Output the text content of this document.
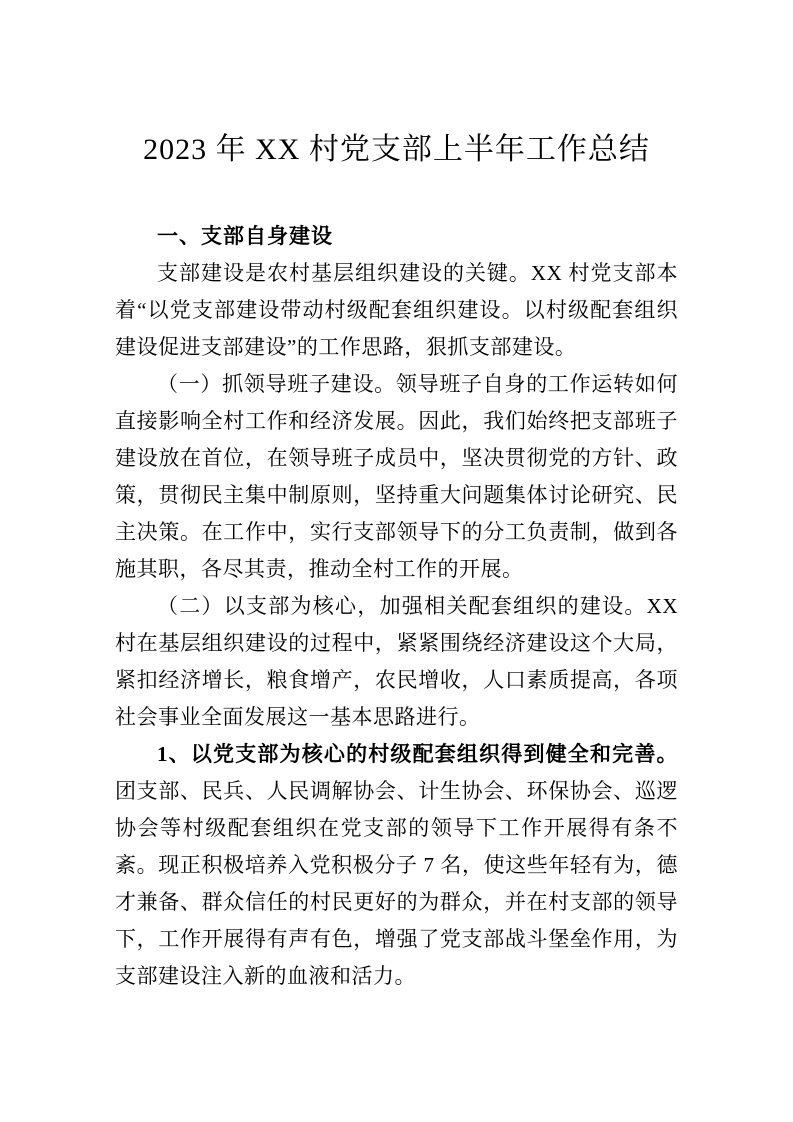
2023 年 XX 村党支部上半年工作总结
一、支部自身建设

支部建设是农村基层组织建设的关键。XX 村党支部本着“以党支部建设带动村级配套组织建设。以村级配套组织建设促进支部建设”的工作思路，狠抓支部建设。

（一）抓领导班子建设。领导班子自身的工作运转如何直接影响全村工作和经济发展。因此，我们始终把支部班子建设放在首位，在领导班子成员中，坚决贯彻党的方针、政策，贯彻民主集中制原则，坚持重大问题集体讨论研究、民主决策。在工作中，实行支部领导下的分工负责制，做到各施其职，各尽其责，推动全村工作的开展。

（二）以支部为核心，加强相关配套组织的建设。XX 村在基层组织建设的过程中，紧紧围绕经济建设这个大局，紧扣经济增长，粮食增产，农民增收，人口素质提高，各项社会事业全面发展这一基本思路进行。

1、以党支部为核心的村级配套组织得到健全和完善。团支部、民兵、人民调解协会、计生协会、环保协会、巡逻协会等村级配套组织在党支部的领导下工作开展得有条不紊。现正积极培养入党积极分子 7 名，使这些年轻有为，德才兼备、群众信任的村民更好的为群众，并在村支部的领导下，工作开展得有声有色，增强了党支部战斗堡垒作用，为支部建设注入新的血液和活力。
